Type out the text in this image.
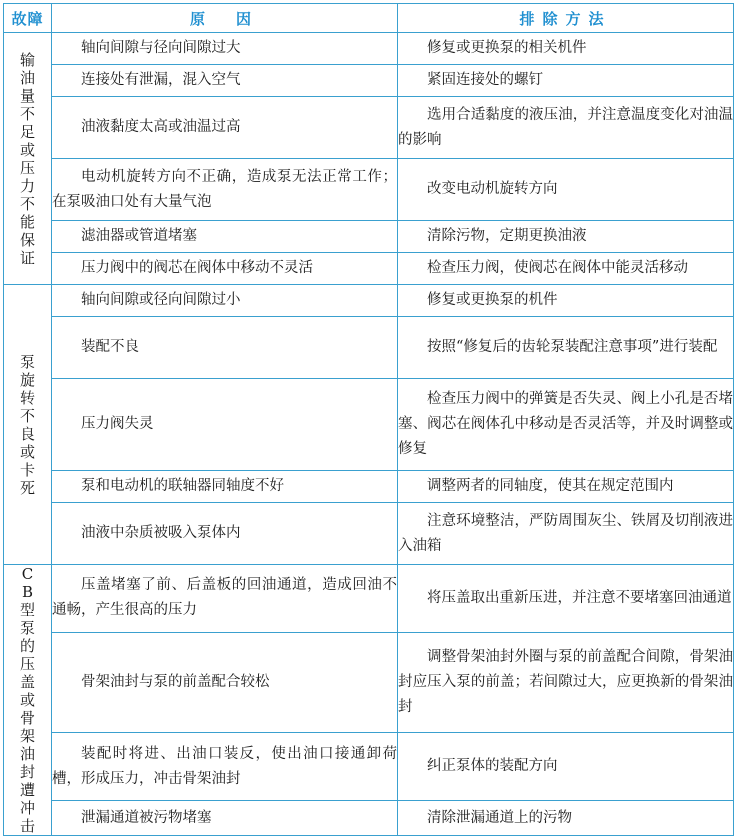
故障	原　因	排除方法
输油量不足或压力不能保证	轴向间隙与径向间隙过大	修复或更换泵的相关机件

	连接处有泄漏，混入空气	紧固连接处的螺钉

	油液黏度太高或油温过高	选用合适黏度的液压油，并注意温度变化对油温的影响

	电动机旋转方向不正确，造成泵无法正常工作；在泵吸油口处有大量气泡	改变电动机旋转方向

	滤油器或管道堵塞	清除污物，定期更换油液

	压力阀中的阀芯在阀体中移动不灵活	检查压力阀，使阀芯在阀体中能灵活移动

泵旋转不良或卡死	轴向间隙或径向间隙过小	修复或更换泵的机件

	装配不良	按照“修复后的齿轮泵装配注意事项”进行装配

	压力阀失灵	检查压力阀中的弹簧是否失灵、阀上小孔是否堵塞、阀芯在阀体孔中移动是否灵活等，并及时调整或修复

	泵和电动机的联轴器同轴度不好	调整两者的同轴度，使其在规定范围内

	油液中杂质被吸入泵体内	注意环境整洁，严防周围灰尘、铁屑及切削液进入油箱

CB型泵的压盖或骨架油封遭冲击	压盖堵塞了前、后盖板的回油通道，造成回油不通畅，产生很高的压力	将压盖取出重新压进，并注意不要堵塞回油通道

	骨架油封与泵的前盖配合较松	调整骨架油封外圈与泵的前盖配合间隙，骨架油封应压入泵的前盖；若间隙过大，应更换新的骨架油封

	装配时将进、出油口装反，使出油口接通卸荷槽，形成压力，冲击骨架油封	纠正泵体的装配方向

	泄漏通道被污物堵塞	清除泄漏通道上的污物
